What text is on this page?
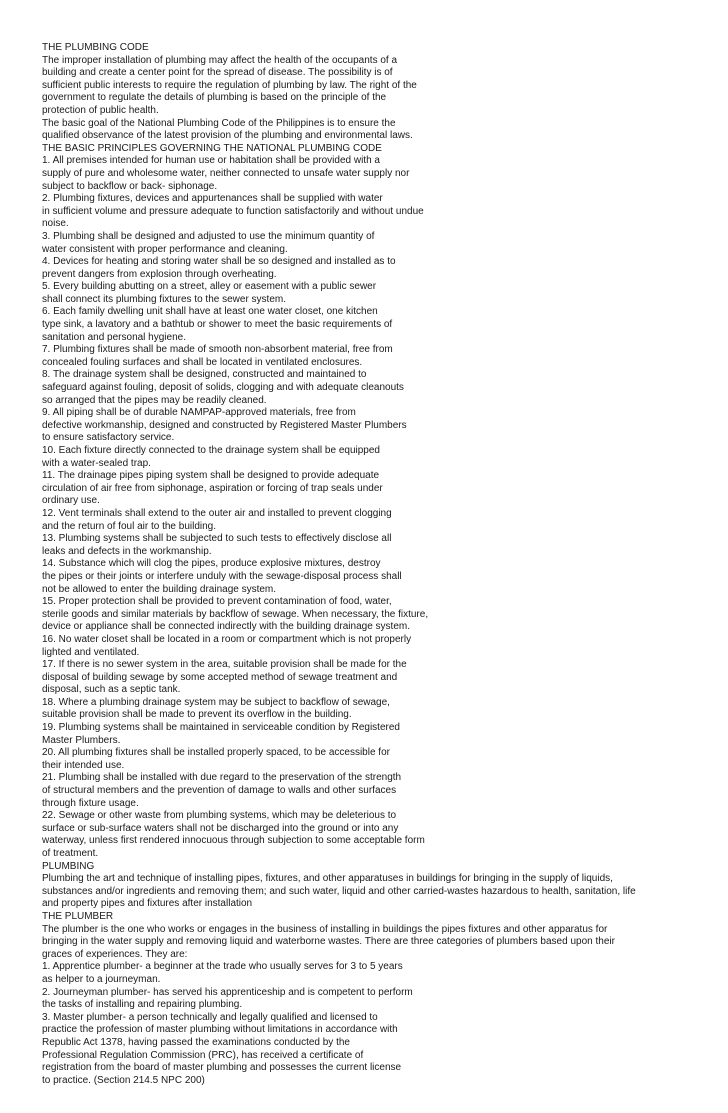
THE PLUMBING CODE
The improper installation of plumbing may affect the health of the occupants of a
building and create a center point for the spread of disease. The possibility is of
sufficient public interests to require the regulation of plumbing by law. The right of the
government to regulate the details of plumbing is based on the principle of the
protection of public health.
The basic goal of the National Plumbing Code of the Philippines is to ensure the
qualified observance of the latest provision of the plumbing and environmental laws.
THE BASIC PRINCIPLES GOVERNING THE NATIONAL PLUMBING CODE
1. All premises intended for human use or habitation shall be provided with a
supply of pure and wholesome water, neither connected to unsafe water supply nor
subject to backflow or back- siphonage.
2. Plumbing fixtures, devices and appurtenances shall be supplied with water
in sufficient volume and pressure adequate to function satisfactorily and without undue
noise.
3. Plumbing shall be designed and adjusted to use the minimum quantity of
water consistent with proper performance and cleaning.
4. Devices for heating and storing water shall be so designed and installed as to
prevent dangers from explosion through overheating.
5. Every building abutting on a street, alley or easement with a public sewer
shall connect its plumbing fixtures to the sewer system.
6. Each family dwelling unit shall have at least one water closet, one kitchen
type sink, a lavatory and a bathtub or shower to meet the basic requirements of
sanitation and personal hygiene.
7. Plumbing fixtures shall be made of smooth non-absorbent material, free from
concealed fouling surfaces and shall be located in ventilated enclosures.
8. The drainage system shall be designed, constructed and maintained to
safeguard against fouling, deposit of solids, clogging and with adequate cleanouts
so arranged that the pipes may be readily cleaned.
9. All piping shall be of durable NAMPAP-approved materials, free from
defective workmanship, designed and constructed by Registered Master Plumbers
to ensure satisfactory service.
10. Each fixture directly connected to the drainage system shall be equipped
with a water-sealed trap.
11. The drainage pipes piping system shall be designed to provide adequate
circulation of air free from siphonage, aspiration or forcing of trap seals under
ordinary use.
12. Vent terminals shall extend to the outer air and installed to prevent clogging
and the return of foul air to the building.
13. Plumbing systems shall be subjected to such tests to effectively disclose all
leaks and defects in the workmanship.
14. Substance which will clog the pipes, produce explosive mixtures, destroy
the pipes or their joints or interfere unduly with the sewage-disposal process shall
not be allowed to enter the building drainage system.
15. Proper protection shall be provided to prevent contamination of food, water,
sterile goods and similar materials by backflow of sewage. When necessary, the fixture,
device or appliance shall be connected indirectly with the building drainage system.
16. No water closet shall be located in a room or compartment which is not properly
lighted and ventilated.
17. If there is no sewer system in the area, suitable provision shall be made for the
disposal of building sewage by some accepted method of sewage treatment and
disposal, such as a septic tank.
18. Where a plumbing drainage system may be subject to backflow of sewage,
suitable provision shall be made to prevent its overflow in the building.
19. Plumbing systems shall be maintained in serviceable condition by Registered
Master Plumbers.
20. All plumbing fixtures shall be installed properly spaced, to be accessible for
their intended use.
21. Plumbing shall be installed with due regard to the preservation of the strength
of structural members and the prevention of damage to walls and other surfaces
through fixture usage.
22. Sewage or other waste from plumbing systems, which may be deleterious to
surface or sub-surface waters shall not be discharged into the ground or into any
waterway, unless first rendered innocuous through subjection to some acceptable form
of treatment.
PLUMBING
Plumbing the art and technique of installing pipes, fixtures, and other apparatuses in buildings for bringing in the supply of liquids,
substances and/or ingredients and removing them; and such water, liquid and other carried-wastes hazardous to health, sanitation, life
and property pipes and fixtures after installation
THE PLUMBER
The plumber is the one who works or engages in the business of installing in buildings the pipes fixtures and other apparatus for
bringing in the water supply and removing liquid and waterborne wastes. There are three categories of plumbers based upon their
graces of experiences. They are:
1. Apprentice plumber- a beginner at the trade who usually serves for 3 to 5 years
as helper to a journeyman.
2. Journeyman plumber- has served his apprenticeship and is competent to perform
the tasks of installing and repairing plumbing.
3. Master plumber- a person technically and legally qualified and licensed to
practice the profession of master plumbing without limitations in accordance with
Republic Act 1378, having passed the examinations conducted by the
Professional Regulation Commission (PRC), has received a certificate of
registration from the board of master plumbing and possesses the current license
to practice. (Section 214.5 NPC 200)
